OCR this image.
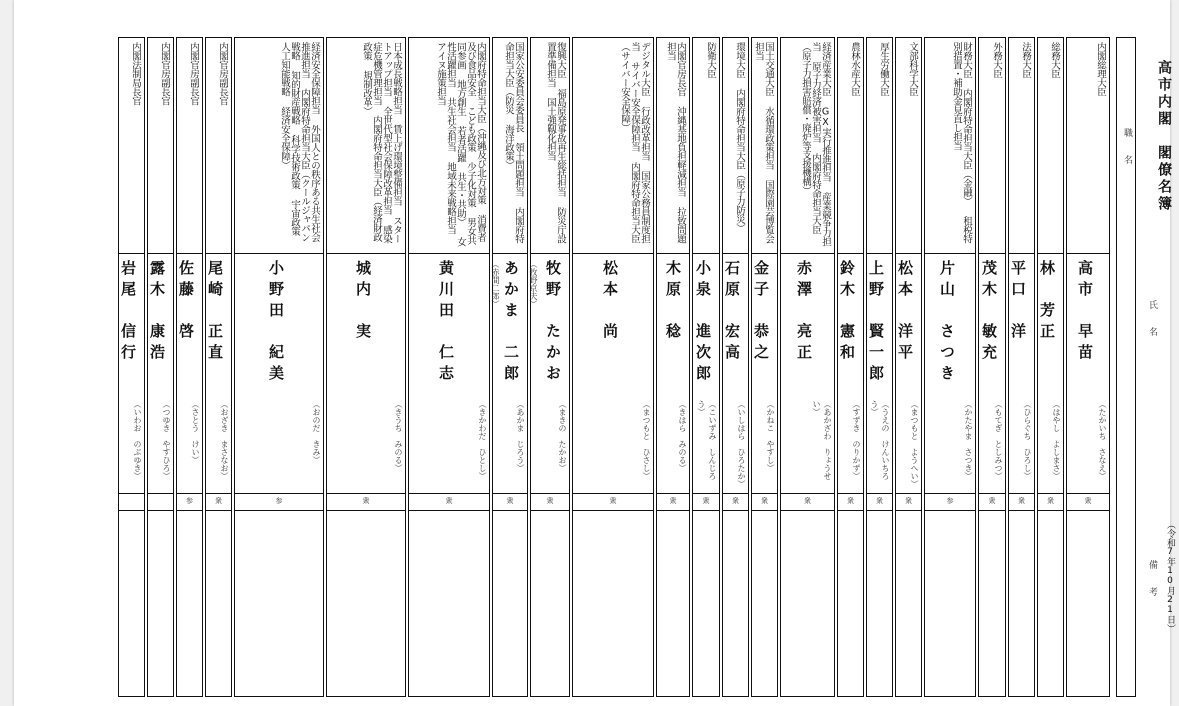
内閣総理大臣
高市　早苗
（たかいち　さなえ）
衆
総務大臣
林　芳正
（はやし　よしまさ）
衆
法務大臣
平口　洋
（ひらぐち　ひろし）
衆
外務大臣
茂木　敏充
（もてぎ　としみつ）
衆
財務大臣 内閣府特命担当大臣（金融） 租税特別措置・補助金見直し担当
片山　さつき
（かたやま　さつき）
参
文部科学大臣
松本　洋平
（まつもと　ようへい）
衆
厚生労働大臣
上野　賢一郎
（うえの　けんいちろう）
衆
農林水産大臣
鈴木　憲和
（すずき　のりかず）
衆
経済産業大臣 GX実行推進担当 産業競争力担当 原子力経済被害担当 内閣府特命担当大臣（原子力損害賠償・廃炉等支援機構）
赤澤　亮正
（あかざわ　りょうせい）
衆
国土交通大臣 水循環政策担当 国際園芸博覧会担当
金子　恭之
（かねこ　やすし）
衆
環境大臣 内閣府特命担当大臣（原子力防災）
石原　宏高
（いしはら　ひろたか）
衆
防衛大臣
小泉　進次郎
（こいずみ　しんじろう）
衆
内閣官房長官 沖縄基地負担軽減担当 拉致問題担当
木原　稔
（きはら　みのる）
衆
デジタル大臣 行政改革担当 国家公務員制度担当 サイバー安全保障担当 内閣府特命担当大臣（サイバー安全保障）
松本　尚
（まつもと　ひさし）
衆
復興大臣 福島原発事故再生総括担当 防災庁設置準備担当 国土強靱化担当
牧野　たかお
（牧野京夫）
（まきの　たかお）
衆
国家公安委員会委員長 領土問題担当 内閣府特命担当大臣（防災 海洋政策）
あかま　二郎
（赤間二郎）
（あかま　じろう）
衆
内閣府特命担当大臣（沖縄及び北方対策 消費者及び食品安全 こども政策 少子化対策 男女共同参画 地方創生 若者活躍 共生・共助） 女性活躍担当 共生社会担当 地域未来戦略担当 アイヌ施策担当
黄川田　仁志
（きかわだ　ひとし）
衆
日本成長戦略担当 賃上げ環境整備担当 スタートアップ担当 全世代型社会保障改革担当 感染症危機管理担当 内閣府特命担当大臣（経済財政政策 規制改革）
城内　実
（きうち　みのる）
衆
経済安全保障担当 外国人との秩序ある共生社会推進担当 内閣府特命担当大臣（クールジャパン戦略 知的財産戦略 科学技術政策 宇宙政策 人工知能戦略 経済安全保障）
小野田　紀美
（おのだ　きみ）
参
内閣官房副長官
尾崎　正直
（おざき　まさなお）
衆
内閣官房副長官
佐藤　啓
（さとう　けい）
参
内閣官房副長官
露木　康浩
（つゆき　やすひろ）
内閣法制局長官
岩尾　信行
（いわお　のぶゆき）
職　　名	高市内閣　閣僚名簿
氏　　名
備　　考 （令和7年10月21日）
